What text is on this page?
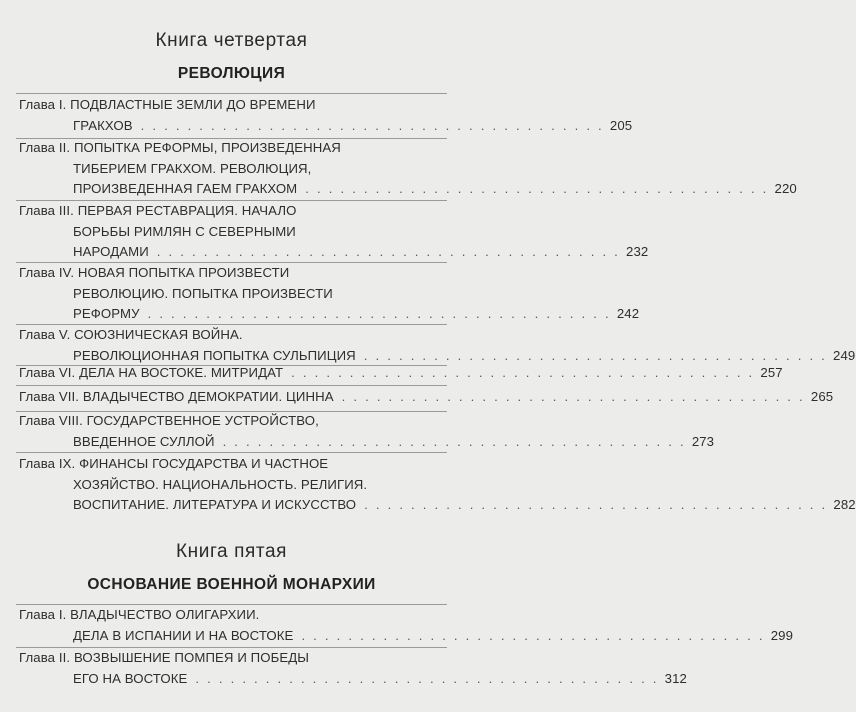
Книга четвертая
РЕВОЛЮЦИЯ
Глава I. ПОДВЛАСТНЫЕ ЗЕМЛИ ДО ВРЕМЕНИ
ГРАКХОВ . . . . . . . . . . . . . . . . . . . . . . . . . . . . . . . . . . . . . . . . 205
Глава II. ПОПЫТКА РЕФОРМЫ, ПРОИЗВЕДЕННАЯ
ТИБЕРИЕМ ГРАКХОМ. РЕВОЛЮЦИЯ,
ПРОИЗВЕДЕННАЯ ГАЕМ ГРАКХОМ . . . . . . . . . . . . . . . . . . . . . . . . . . . . . . . . . . . . . . . . 220
Глава III. ПЕРВАЯ РЕСТАВРАЦИЯ. НАЧАЛО
БОРЬБЫ РИМЛЯН С СЕВЕРНЫМИ
НАРОДАМИ . . . . . . . . . . . . . . . . . . . . . . . . . . . . . . . . . . . . . . . . 232
Глава IV. НОВАЯ ПОПЫТКА ПРОИЗВЕСТИ
РЕВОЛЮЦИЮ. ПОПЫТКА ПРОИЗВЕСТИ
РЕФОРМУ . . . . . . . . . . . . . . . . . . . . . . . . . . . . . . . . . . . . . . . . 242
Глава V. СОЮЗНИЧЕСКАЯ ВОЙНА.
РЕВОЛЮЦИОННАЯ ПОПЫТКА СУЛЬПИЦИЯ . . . . . . . . . . . . . . . . . . . . . . . . . . . . . . . . . . . . . . . . 249
Глава VI. ДЕЛА НА ВОСТОКЕ. МИТРИДАТ . . . . . . . . . . . . . . . . . . . . . . . . . . . . . . . . . . . . . . . . 257
Глава VII. ВЛАДЫЧЕСТВО ДЕМОКРАТИИ. ЦИННА . . . . . . . . . . . . . . . . . . . . . . . . . . . . . . . . . . . . . . . . 265
Глава VIII. ГОСУДАРСТВЕННОЕ УСТРОЙСТВО,
ВВЕДЕННОЕ СУЛЛОЙ . . . . . . . . . . . . . . . . . . . . . . . . . . . . . . . . . . . . . . . . 273
Глава IX. ФИНАНСЫ ГОСУДАРСТВА И ЧАСТНОЕ
ХОЗЯЙСТВО. НАЦИОНАЛЬНОСТЬ. РЕЛИГИЯ.
ВОСПИТАНИЕ. ЛИТЕРАТУРА И ИСКУССТВО . . . . . . . . . . . . . . . . . . . . . . . . . . . . . . . . . . . . . . . . 282
Книга пятая
ОСНОВАНИЕ ВОЕННОЙ МОНАРХИИ
Глава I. ВЛАДЫЧЕСТВО ОЛИГАРХИИ.
ДЕЛА В ИСПАНИИ И НА ВОСТОКЕ . . . . . . . . . . . . . . . . . . . . . . . . . . . . . . . . . . . . . . . . 299
Глава II. ВОЗВЫШЕНИЕ ПОМПЕЯ И ПОБЕДЫ
ЕГО НА ВОСТОКЕ . . . . . . . . . . . . . . . . . . . . . . . . . . . . . . . . . . . . . . . . 312
